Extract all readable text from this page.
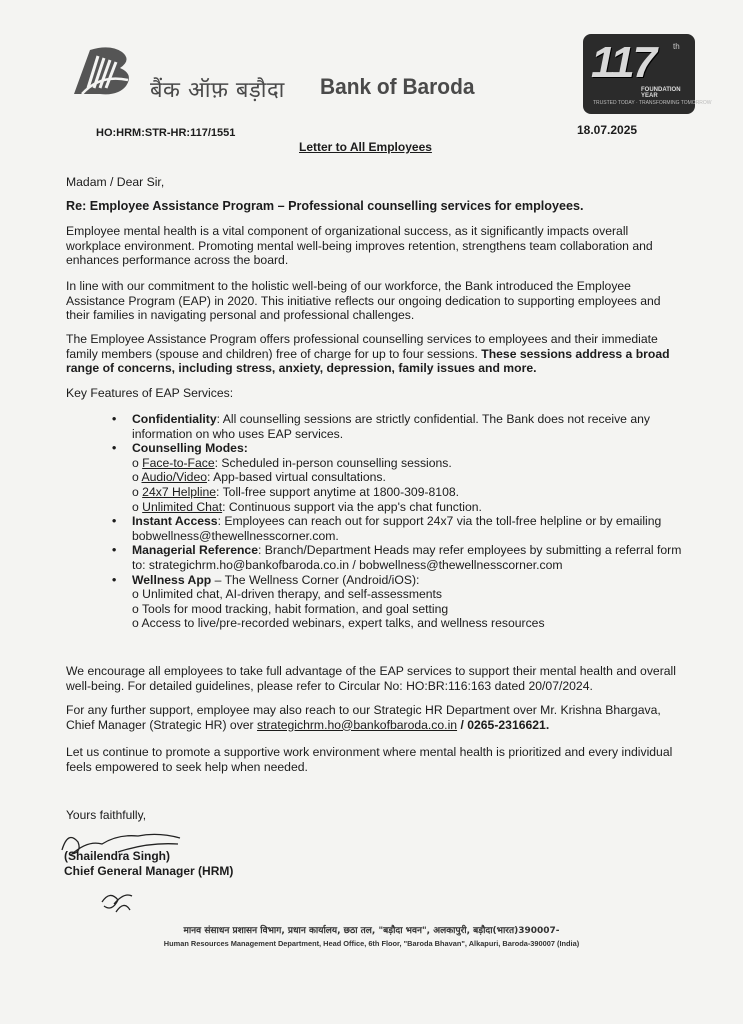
बैंक ऑफ़ बड़ौदा Bank of Baroda	117 th
FOUNDATION YEAR
TRUSTED TODAY · TRANSFORMING TOMORROW
HO:HRM:STR-HR:117/1551	18.07.2025
Letter to All Employees

Madam / Dear Sir,

Re: Employee Assistance Program – Professional counselling services for employees.

Employee mental health is a vital component of organizational success, as it significantly impacts overall workplace environment. Promoting mental well-being improves retention, strengthens team collaboration and enhances performance across the board.

In line with our commitment to the holistic well-being of our workforce, the Bank introduced the Employee Assistance Program (EAP) in 2020. This initiative reflects our ongoing dedication to supporting employees and their families in navigating personal and professional challenges.

The Employee Assistance Program offers professional counselling services to employees and their immediate family members (spouse and children) free of charge for up to four sessions. These sessions address a broad range of concerns, including stress, anxiety, depression, family issues and more.

Key Features of EAP Services:

• Confidentiality: All counselling sessions are strictly confidential. The Bank does not receive any information on who uses EAP services.

• Counselling Modes:

o Face-to-Face: Scheduled in-person counselling sessions.

o Audio/Video: App-based virtual consultations.

o 24x7 Helpline: Toll-free support anytime at 1800-309-8108.

o Unlimited Chat: Continuous support via the app's chat function.

• Instant Access: Employees can reach out for support 24x7 via the toll-free helpline or by emailing bobwellness@thewellnesscorner.com.

• Managerial Reference: Branch/Department Heads may refer employees by submitting a referral form to: strategichrm.ho@bankofbaroda.co.in / bobwellness@thewellnesscorner.com

• Wellness App – The Wellness Corner (Android/iOS):

o Unlimited chat, AI-driven therapy, and self-assessments

o Tools for mood tracking, habit formation, and goal setting

o Access to live/pre-recorded webinars, expert talks, and wellness resources

We encourage all employees to take full advantage of the EAP services to support their mental health and overall well-being. For detailed guidelines, please refer to Circular No: HO:BR:116:163 dated 20/07/2024.

For any further support, employee may also reach to our Strategic HR Department over Mr. Krishna Bhargava, Chief Manager (Strategic HR) over strategichrm.ho@bankofbaroda.co.in / 0265-2316621.

Let us continue to promote a supportive work environment where mental health is prioritized and every individual feels empowered to seek help when needed.

Yours faithfully,
(Shailendra Singh)
Chief General Manager (HRM)
मानव संसाधन प्रशासन विभाग, प्रधान कार्यालय, छठा तल, "बड़ौदा भवन", अलकापुरी, बड़ौदा(भारत)390007-
Human Resources Management Department, Head Office, 6th Floor, "Baroda Bhavan", Alkapuri, Baroda-390007 (India)
